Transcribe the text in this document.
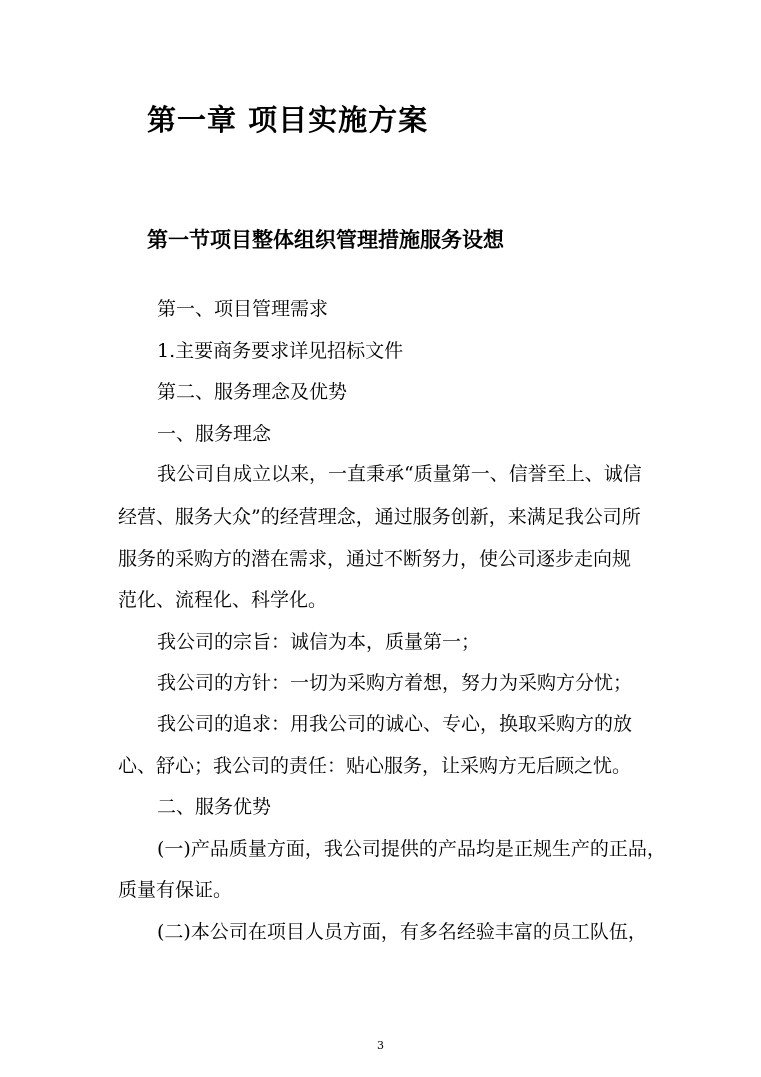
第一章 项目实施方案
第一节项目整体组织管理措施服务设想
第一、项目管理需求
1.主要商务要求详见招标文件
第二、服务理念及优势
一、服务理念
我公司自成立以来，一直秉承“质量第一、信誉至上、诚信
经营、服务大众”的经营理念，通过服务创新，来满足我公司所
服务的采购方的潜在需求，通过不断努力，使公司逐步走向规
范化、流程化、科学化。
我公司的宗旨：诚信为本，质量第一；
我公司的方针：一切为采购方着想，努力为采购方分忧；
我公司的追求：用我公司的诚心、专心，换取采购方的放
心、舒心；我公司的责任：贴心服务，让采购方无后顾之忧。
二、服务优势
(一)产品质量方面，我公司提供的产品均是正规生产的正品，
质量有保证。
(二)本公司在项目人员方面，有多名经验丰富的员工队伍，
3
